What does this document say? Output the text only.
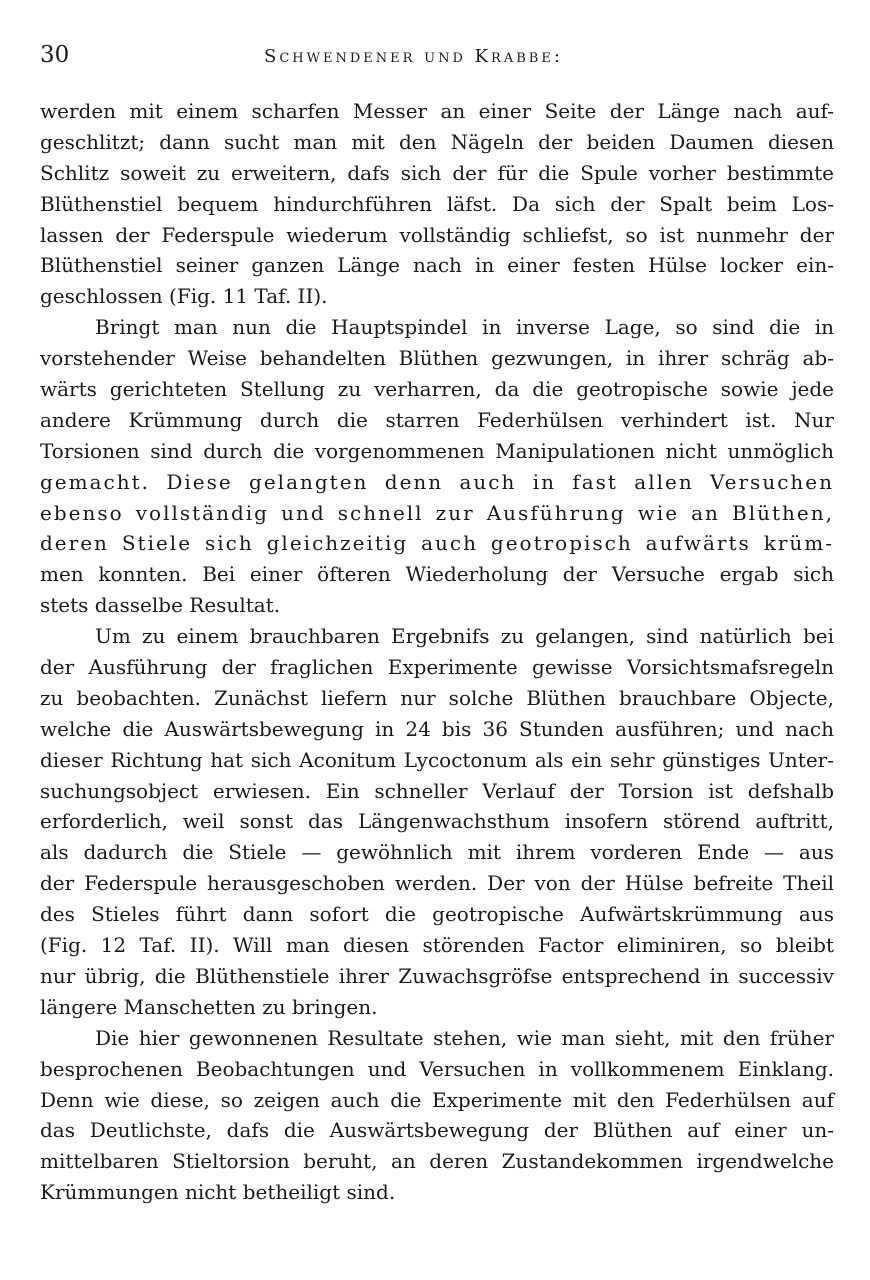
30	Schwendener und Krabbe:
werden mit einem scharfen Messer an einer Seite der Länge nach auf-
geschlitzt; dann sucht man mit den Nägeln der beiden Daumen diesen
Schlitz soweit zu erweitern, dafs sich der für die Spule vorher bestimmte
Blüthenstiel bequem hindurchführen läfst. Da sich der Spalt beim Los-
lassen der Federspule wiederum vollständig schliefst, so ist nunmehr der
Blüthenstiel seiner ganzen Länge nach in einer festen Hülse locker ein-
geschlossen (Fig. 11 Taf. II).
Bringt man nun die Hauptspindel in inverse Lage, so sind die in
vorstehender Weise behandelten Blüthen gezwungen, in ihrer schräg ab-
wärts gerichteten Stellung zu verharren, da die geotropische sowie jede
andere Krümmung durch die starren Federhülsen verhindert ist. Nur
Torsionen sind durch die vorgenommenen Manipulationen nicht unmöglich
gemacht. Diese gelangten denn auch in fast allen Versuchen
ebenso vollständig und schnell zur Ausführung wie an Blüthen,
deren Stiele sich gleichzeitig auch geotropisch aufwärts krüm-
men konnten. Bei einer öfteren Wiederholung der Versuche ergab sich
stets dasselbe Resultat.
Um zu einem brauchbaren Ergebnifs zu gelangen, sind natürlich bei
der Ausführung der fraglichen Experimente gewisse Vorsichtsmafsregeln
zu beobachten. Zunächst liefern nur solche Blüthen brauchbare Objecte,
welche die Auswärtsbewegung in 24 bis 36 Stunden ausführen; und nach
dieser Richtung hat sich Aconitum Lycoctonum als ein sehr günstiges Unter-
suchungsobject erwiesen. Ein schneller Verlauf der Torsion ist defshalb
erforderlich, weil sonst das Längenwachsthum insofern störend auftritt,
als dadurch die Stiele — gewöhnlich mit ihrem vorderen Ende — aus
der Federspule herausgeschoben werden. Der von der Hülse befreite Theil
des Stieles führt dann sofort die geotropische Aufwärtskrümmung aus
(Fig. 12 Taf. II). Will man diesen störenden Factor eliminiren, so bleibt
nur übrig, die Blüthenstiele ihrer Zuwachsgröfse entsprechend in successiv
längere Manschetten zu bringen.
Die hier gewonnenen Resultate stehen, wie man sieht, mit den früher
besprochenen Beobachtungen und Versuchen in vollkommenem Einklang.
Denn wie diese, so zeigen auch die Experimente mit den Federhülsen auf
das Deutlichste, dafs die Auswärtsbewegung der Blüthen auf einer un-
mittelbaren Stieltorsion beruht, an deren Zustandekommen irgendwelche
Krümmungen nicht betheiligt sind.
